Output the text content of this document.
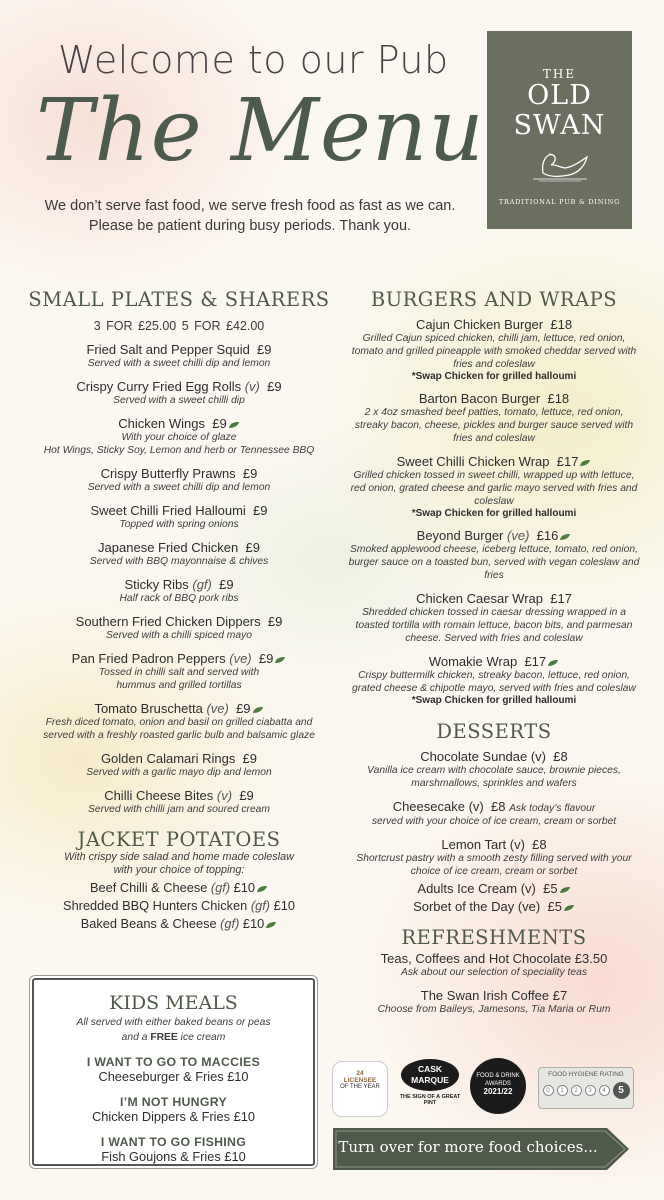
Welcome to our Pub
The Menu
We don’t serve fast food, we serve fresh food as fast as we can.
Please be patient during busy periods. Thank you.
THE
OLD
SWAN
TRADITIONAL PUB & DINING
SMALL PLATES & SHARERS
3 FOR £25.00 5 FOR £42.00
Fried Salt and Pepper Squid £9
Served with a sweet chilli dip and lemon
Crispy Curry Fried Egg Rolls (v) £9
Served with a sweet chilli dip
Chicken Wings £9
With your choice of glaze
Hot Wings, Sticky Soy, Lemon and herb or Tennessee BBQ
Crispy Butterfly Prawns £9
Served with a sweet chilli dip and lemon
Sweet Chilli Fried Halloumi £9
Topped with spring onions
Japanese Fried Chicken £9
Served with BBQ mayonnaise & chives
Sticky Ribs (gf) £9
Half rack of BBQ pork ribs
Southern Fried Chicken Dippers £9
Served with a chilli spiced mayo
Pan Fried Padron Peppers (ve) £9
Tossed in chilli salt and served with
hummus and grilled tortillas
Tomato Bruschetta (ve) £9
Fresh diced tomato, onion and basil on grilled ciabatta and
served with a freshly roasted garlic bulb and balsamic glaze
Golden Calamari Rings £9
Served with a garlic mayo dip and lemon
Chilli Cheese Bites (v) £9
Served with chilli jam and soured cream
JACKET POTATOES
With crispy side salad and home made coleslaw
with your choice of topping:
Beef Chilli & Cheese (gf) £10
Shredded BBQ Hunters Chicken (gf) £10
Baked Beans & Cheese (gf) £10
KIDS MEALS
All served with either baked beans or peas
and a FREE ice cream
I WANT TO GO TO MACCIES
Cheeseburger & Fries £10
I’M NOT HUNGRY
Chicken Dippers & Fries £10
I WANT TO GO FISHING
Fish Goujons & Fries £10
BURGERS AND WRAPS
Cajun Chicken Burger £18
Grilled Cajun spiced chicken, chilli jam, lettuce, red onion, tomato and grilled pineapple with smoked cheddar served with fries and coleslaw
*Swap Chicken for grilled halloumi
Barton Bacon Burger £18
2 x 4oz smashed beef patties, tomato, lettuce, red onion, streaky bacon, cheese, pickles and burger sauce served with fries and coleslaw
Sweet Chilli Chicken Wrap £17
Grilled chicken tossed in sweet chilli, wrapped up with lettuce, red onion, grated cheese and garlic mayo served with fries and coleslaw
*Swap Chicken for grilled halloumi
Beyond Burger (ve) £16
Smoked applewood cheese, iceberg lettuce, tomato, red onion, burger sauce on a toasted bun, served with vegan coleslaw and fries
Chicken Caesar Wrap £17
Shredded chicken tossed in caesar dressing wrapped in a toasted tortilla with romain lettuce, bacon bits, and parmesan cheese. Served with fries and coleslaw
Womakie Wrap £17
Crispy buttermilk chicken, streaky bacon, lettuce, red onion, grated cheese & chipotle mayo, served with fries and coleslaw
*Swap Chicken for grilled halloumi
DESSERTS
Chocolate Sundae (v) £8
Vanilla ice cream with chocolate sauce, brownie pieces, marshmallows, sprinkles and wafers
Cheesecake (v) £8 Ask today’s flavour
served with your choice of ice cream, cream or sorbet
Lemon Tart (v) £8
Shortcrust pastry with a smooth zesty filling served with your choice of ice cream, cream or sorbet
Adults Ice Cream (v) £5
Sorbet of the Day (ve) £5
REFRESHMENTS
Teas, Coffees and Hot Chocolate £3.50
Ask about our selection of speciality teas
The Swan Irish Coffee £7
Choose from Baileys, Jamesons, Tia Maria or Rum
24
LICENSEE
OF THE YEAR
CASK
MARQUE
THE SIGN OF A GREAT PINT
FOOD & DRINK
AWARDS
2021/22
FOOD HYGIENE RATING
0	1	2	3	4	5
Turn over for more food choices...
